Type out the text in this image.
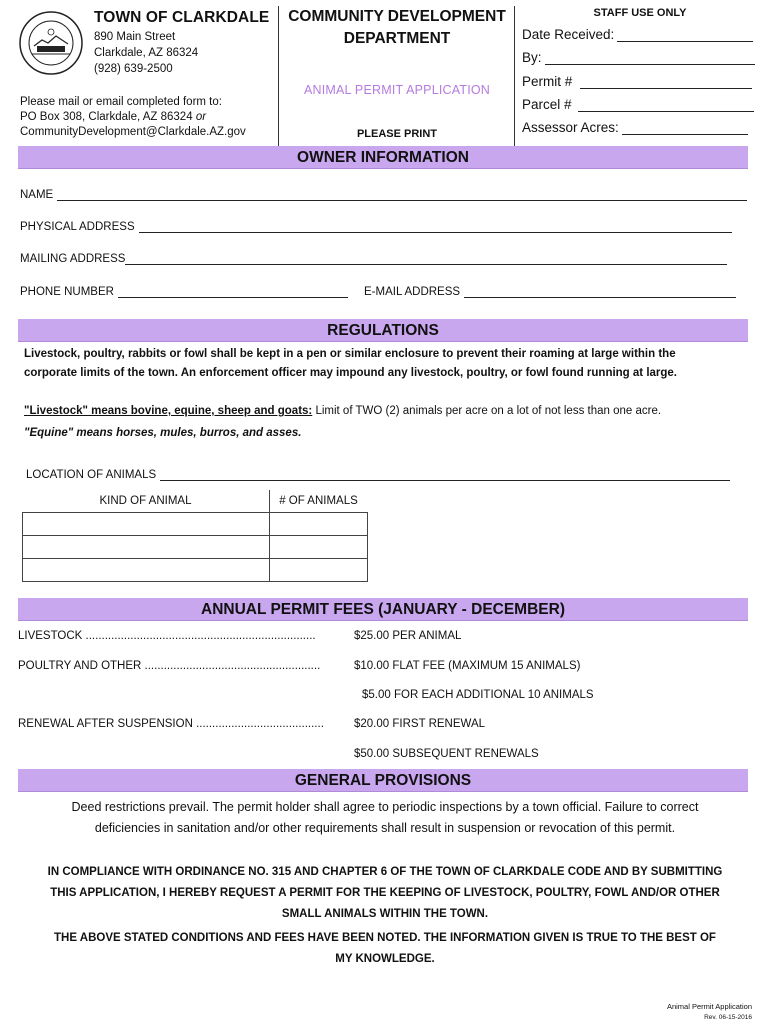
TOWN OF CLARKDALE
890 Main Street
Clarkdale, AZ 86324
(928) 639-2500
Please mail or email completed form to:
PO Box 308, Clarkdale, AZ 86324 or
CommunityDevelopment@Clarkdale.AZ.gov
COMMUNITY DEVELOPMENT
DEPARTMENT
ANIMAL PERMIT APPLICATION
PLEASE PRINT
STAFF USE ONLY
Date Received:
By:
Permit #
Parcel #
Assessor Acres:
OWNER INFORMATION
NAME
PHYSICAL ADDRESS
MAILING ADDRESS
PHONE NUMBER	E-MAIL ADDRESS
REGULATIONS
Livestock, poultry, rabbits or fowl shall be kept in a pen or similar enclosure to prevent their roaming at large within the
corporate limits of the town. An enforcement officer may impound any livestock, poultry, or fowl found running at large.
"Livestock" means bovine, equine, sheep and goats: Limit of TWO (2) animals per acre on a lot of not less than one acre.
"Equine" means horses, mules, burros, and asses.
LOCATION OF ANIMALS
KIND OF ANIMAL	# OF ANIMALS

ANNUAL PERMIT FEES (JANUARY - DECEMBER)
LIVESTOCK ........................................................................	$25.00 PER ANIMAL
POULTRY AND OTHER .......................................................	$10.00 FLAT FEE (MAXIMUM 15 ANIMALS)
$5.00 FOR EACH ADDITIONAL 10 ANIMALS
RENEWAL AFTER SUSPENSION ........................................	$20.00 FIRST RENEWAL
$50.00 SUBSEQUENT RENEWALS
GENERAL PROVISIONS
Deed restrictions prevail. The permit holder shall agree to periodic inspections by a town official. Failure to correct
deficiencies in sanitation and/or other requirements shall result in suspension or revocation of this permit.
IN COMPLIANCE WITH ORDINANCE NO. 315 AND CHAPTER 6 OF THE TOWN OF CLARKDALE CODE AND BY SUBMITTING
THIS APPLICATION, I HEREBY REQUEST A PERMIT FOR THE KEEPING OF LIVESTOCK, POULTRY, FOWL AND/OR OTHER
SMALL ANIMALS WITHIN THE TOWN.
THE ABOVE STATED CONDITIONS AND FEES HAVE BEEN NOTED. THE INFORMATION GIVEN IS TRUE TO THE BEST OF
MY KNOWLEDGE.
Animal Permit Application
Rev. 06-15-2016
